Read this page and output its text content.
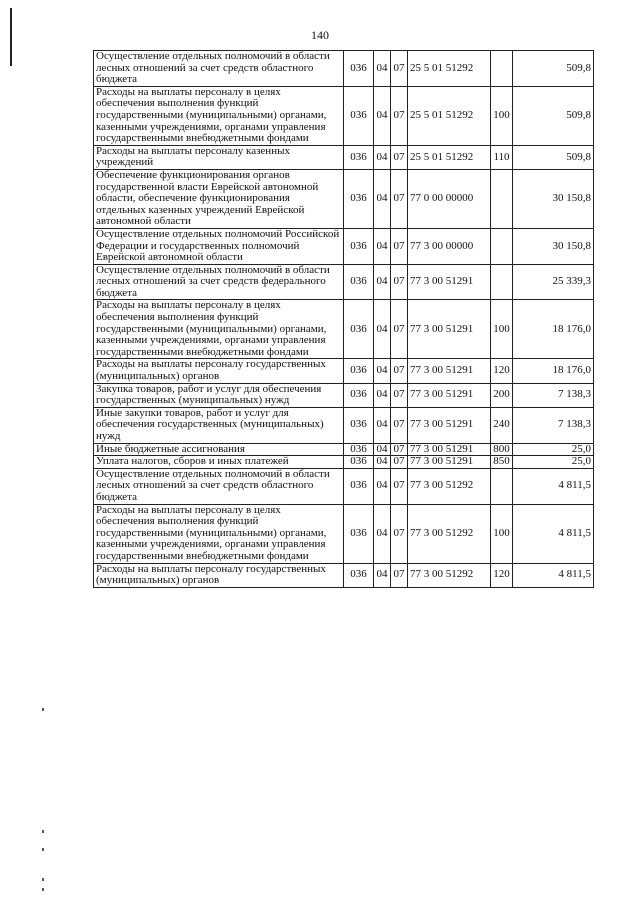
140
Осуществление отдельных полномочий в области лесных отношений за счет средств областного бюджета	036	04	07	25 5 01 51292		509,8
Расходы на выплаты персоналу в целях обеспечения выполнения функций государственными (муниципальными) органами, казенными учреждениями, органами управления государственными внебюджетными фондами	036	04	07	25 5 01 51292	100	509,8
Расходы на выплаты персоналу казенных учреждений	036	04	07	25 5 01 51292	110	509,8
Обеспечение функционирования органов государственной власти Еврейской автономной области, обеспечение функционирования отдельных казенных учреждений Еврейской автономной области	036	04	07	77 0 00 00000		30 150,8
Осуществление отдельных полномочий Российской Федерации и государственных полномочий Еврейской автономной области	036	04	07	77 3 00 00000		30 150,8
Осуществление отдельных полномочий в области лесных отношений за счет средств федерального бюджета	036	04	07	77 3 00 51291		25 339,3
Расходы на выплаты персоналу в целях обеспечения выполнения функций государственными (муниципальными) органами, казенными учреждениями, органами управления государственными внебюджетными фондами	036	04	07	77 3 00 51291	100	18 176,0
Расходы на выплаты персоналу государственных (муниципальных) органов	036	04	07	77 3 00 51291	120	18 176,0
Закупка товаров, работ и услуг для обеспечения государственных (муниципальных) нужд	036	04	07	77 3 00 51291	200	7 138,3
Иные закупки товаров, работ и услуг для обеспечения государственных (муниципальных) нужд	036	04	07	77 3 00 51291	240	7 138,3
Иные бюджетные ассигнования	036	04	07	77 3 00 51291	800	25,0
Уплата налогов, сборов и иных платежей	036	04	07	77 3 00 51291	850	25,0
Осуществление отдельных полномочий в области лесных отношений за счет средств областного бюджета	036	04	07	77 3 00 51292		4 811,5
Расходы на выплаты персоналу в целях обеспечения выполнения функций государственными (муниципальными) органами, казенными учреждениями, органами управления государственными внебюджетными фондами	036	04	07	77 3 00 51292	100	4 811,5
Расходы на выплаты персоналу государственных (муниципальных) органов	036	04	07	77 3 00 51292	120	4 811,5
